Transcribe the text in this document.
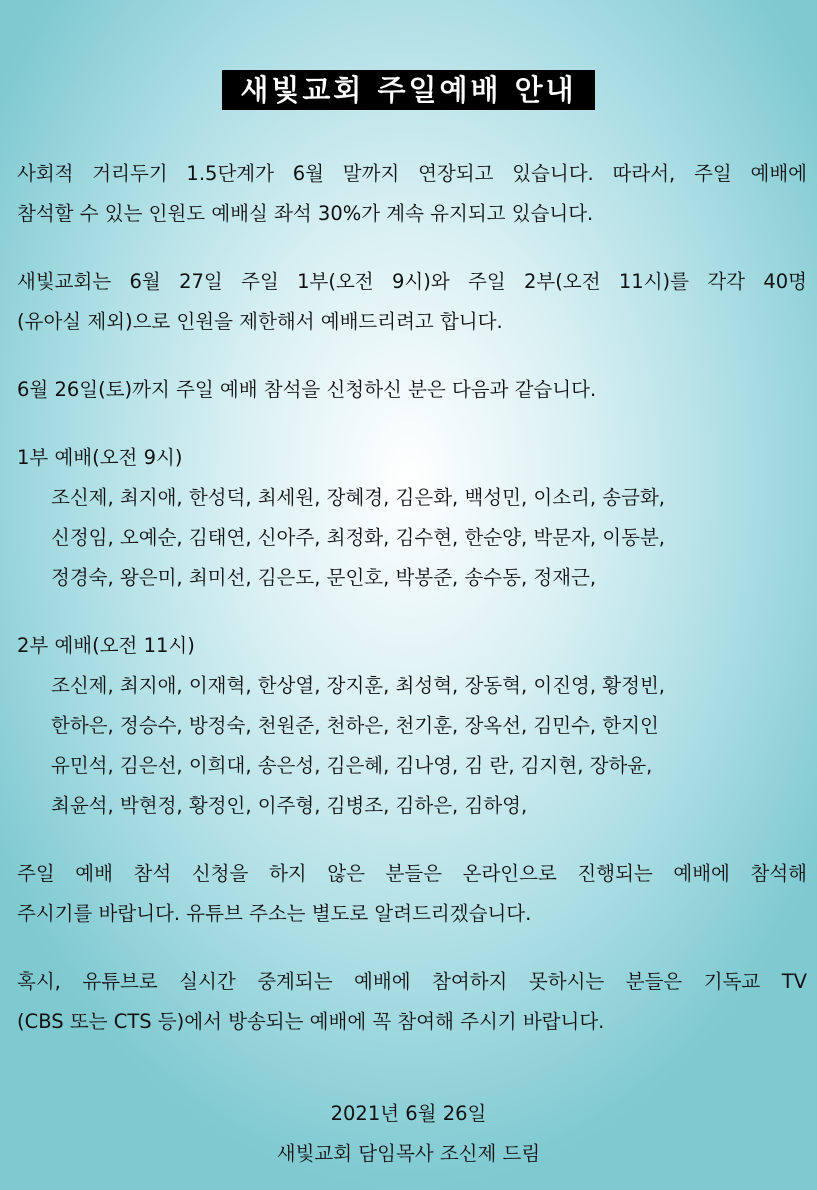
새빛교회 주일예배 안내

사회적 거리두기 1.5단계가 6월 말까지 연장되고 있습니다. 따라서, 주일 예배에

참석할 수 있는 인원도 예배실 좌석 30%가 계속 유지되고 있습니다.

새빛교회는 6월 27일 주일 1부(오전 9시)와 주일 2부(오전 11시)를 각각 40명

(유아실 제외)으로 인원을 제한해서 예배드리려고 합니다.

6월 26일(토)까지 주일 예배 참석을 신청하신 분은 다음과 같습니다.

1부 예배(오전 9시)

조신제, 최지애, 한성덕, 최세원, 장혜경, 김은화, 백성민, 이소리, 송금화,

신정임, 오예순, 김태연, 신아주, 최정화, 김수현, 한순양, 박문자, 이동분,

정경숙, 왕은미, 최미선, 김은도, 문인호, 박봉준, 송수동, 정재근,

2부 예배(오전 11시)

조신제, 최지애, 이재혁, 한상열, 장지훈, 최성혁, 장동혁, 이진영, 황정빈,

한하은, 정승수, 방정숙, 천원준, 천하은, 천기훈, 장옥선, 김민수, 한지인

유민석, 김은선, 이희대, 송은성, 김은혜, 김나영, 김 란, 김지현, 장하윤,

최윤석, 박현정, 황정인, 이주형, 김병조, 김하은, 김하영,

주일 예배 참석 신청을 하지 않은 분들은 온라인으로 진행되는 예배에 참석해

주시기를 바랍니다. 유튜브 주소는 별도로 알려드리겠습니다.

혹시, 유튜브로 실시간 중계되는 예배에 참여하지 못하시는 분들은 기독교 TV

(CBS 또는 CTS 등)에서 방송되는 예배에 꼭 참여해 주시기 바랍니다.

2021년 6월 26일

새빛교회 담임목사 조신제 드림
